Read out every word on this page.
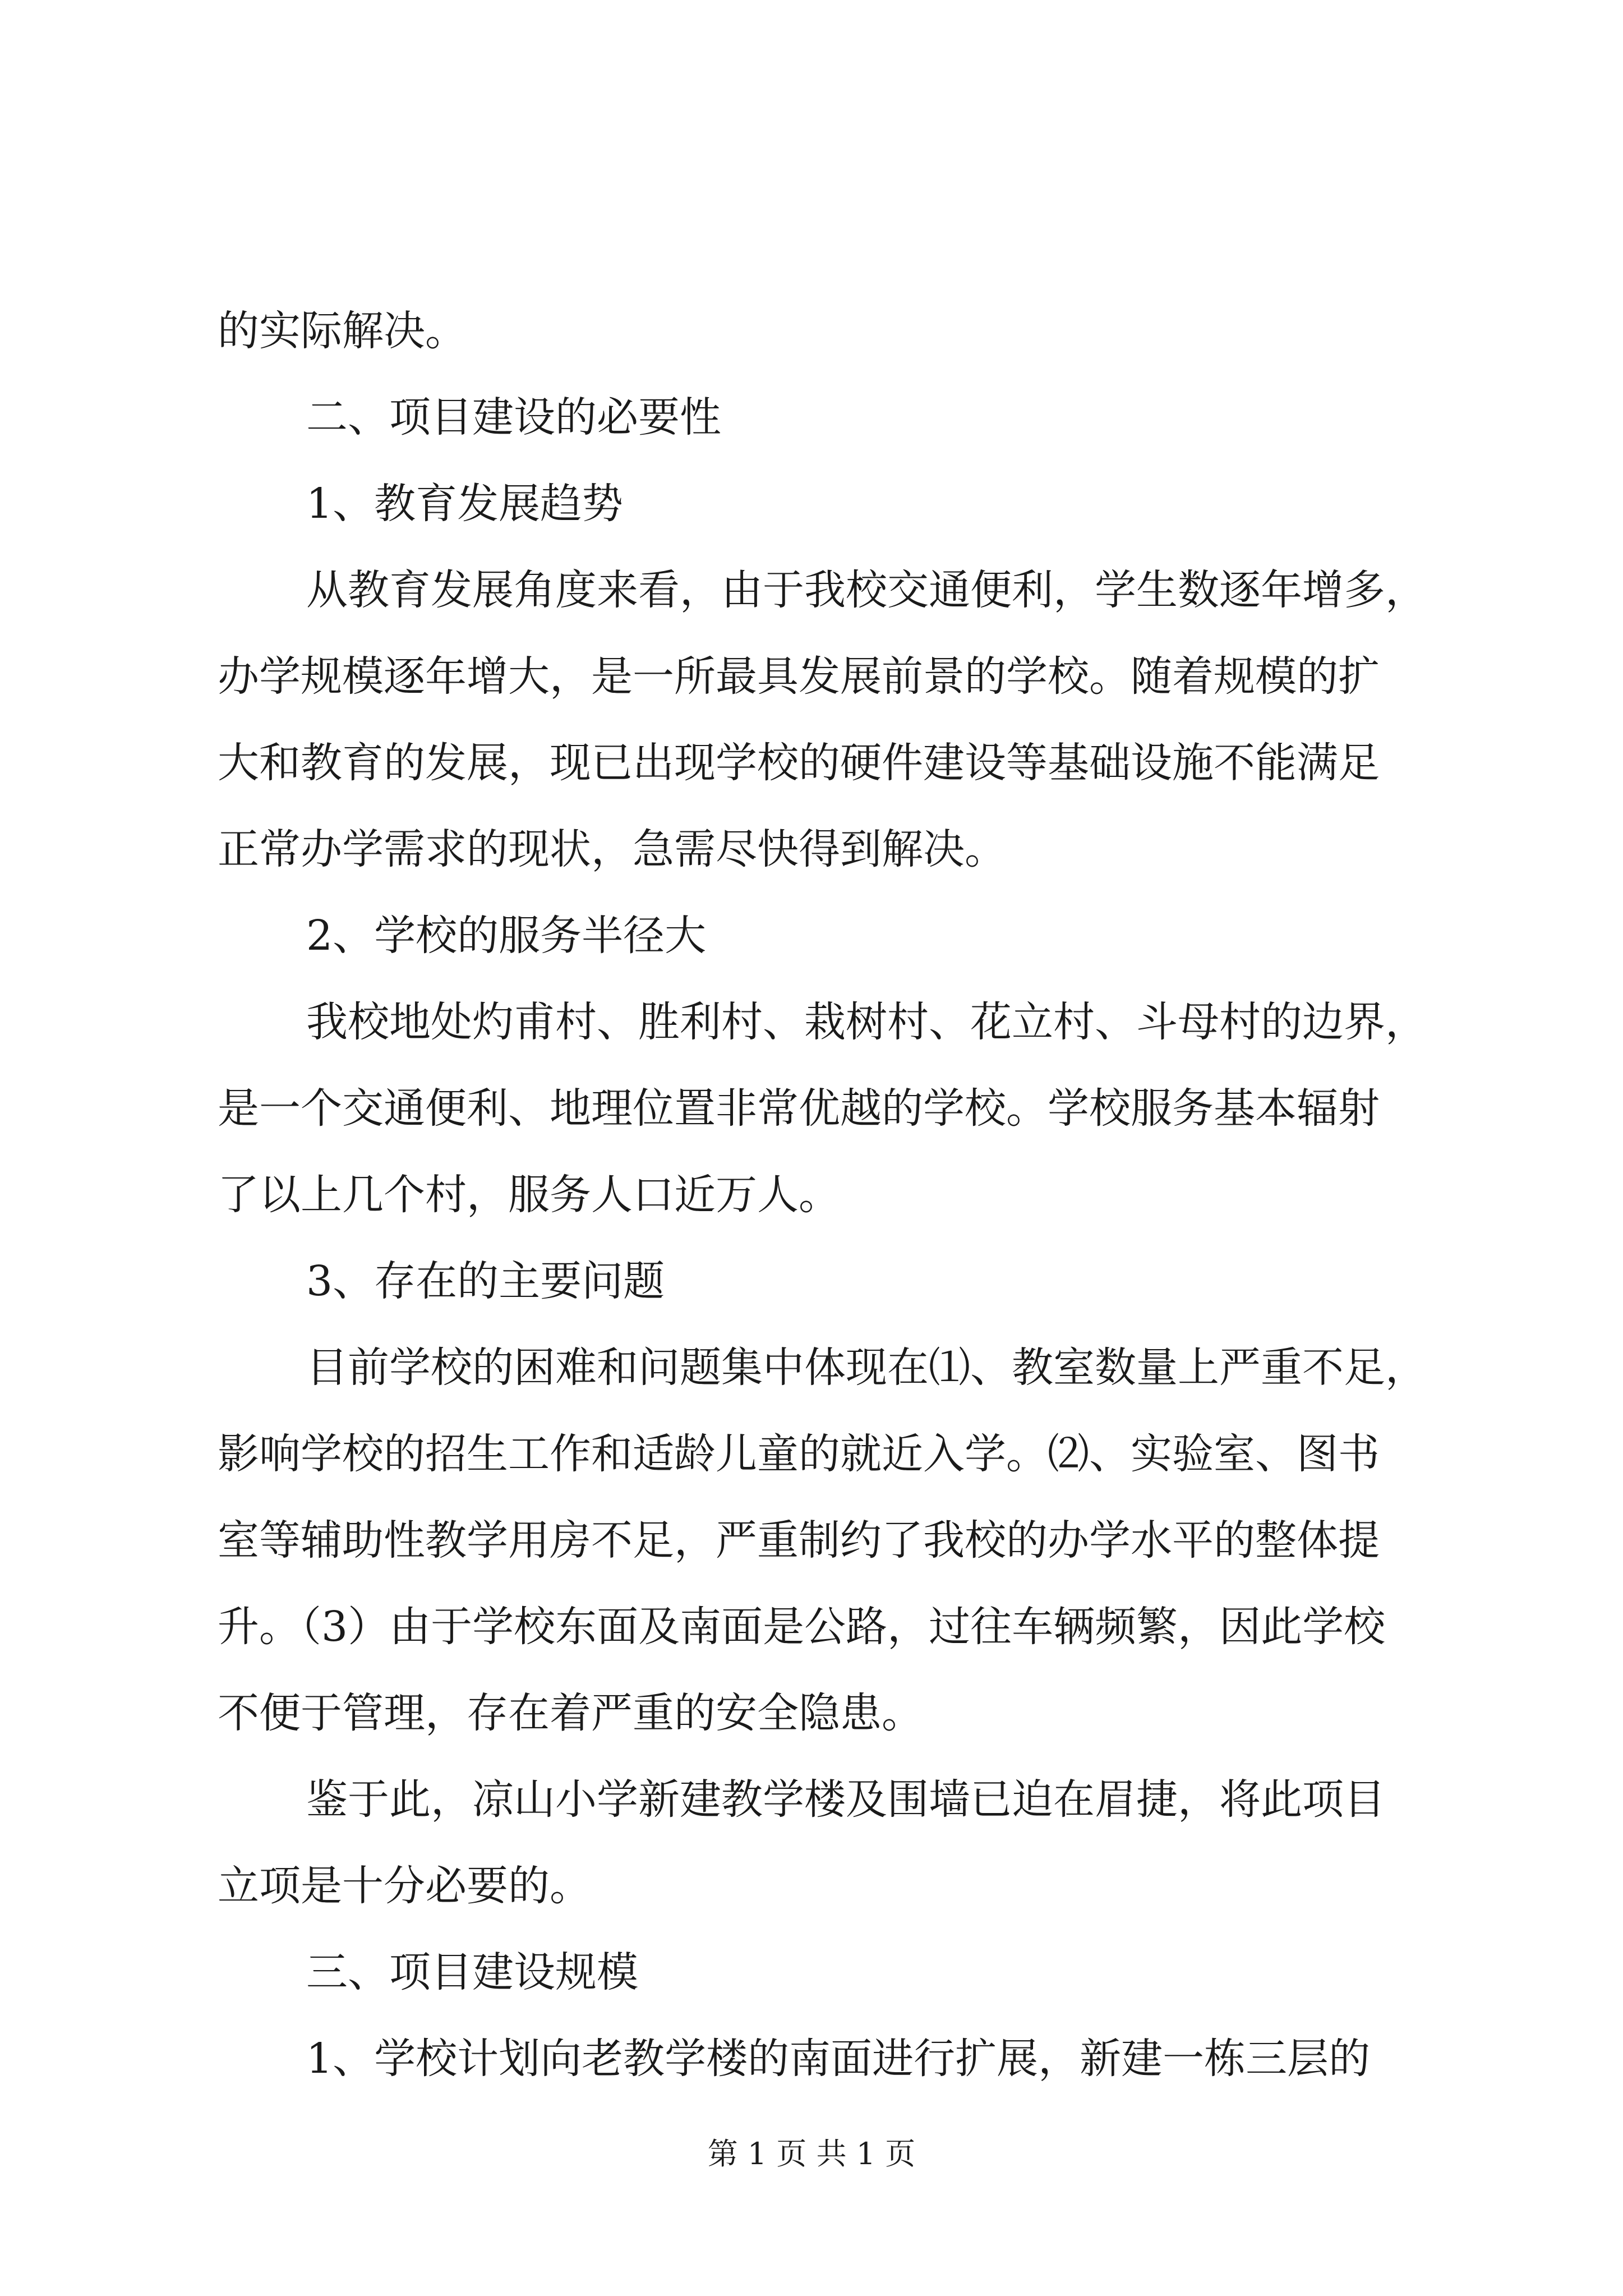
的实际解决。
二、项目建设的必要性
1、教育发展趋势
从教育发展角度来看，由于我校交通便利，学生数逐年增多，
办学规模逐年增大，是一所最具发展前景的学校。随着规模的扩
大和教育的发展，现已出现学校的硬件建设等基础设施不能满足
正常办学需求的现状，急需尽快得到解决。
2、学校的服务半径大
我校地处灼甫村、胜利村、栽树村、花立村、斗母村的边界，
是一个交通便利、地理位置非常优越的学校。学校服务基本辐射
了以上几个村，服务人口近万人。
3、存在的主要问题
目前学校的困难和问题集中体现在⑴、教室数量上严重不足，
影响学校的招生工作和适龄儿童的就近入学。⑵、实验室、图书
室等辅助性教学用房不足，严重制约了我校的办学水平的整体提
升。（3）由于学校东面及南面是公路，过往车辆频繁，因此学校
不便于管理，存在着严重的安全隐患。
鉴于此，凉山小学新建教学楼及围墙已迫在眉捷，将此项目
立项是十分必要的。
三、项目建设规模
1、学校计划向老教学楼的南面进行扩展，新建一栋三层的
第 1 页 共 1 页
